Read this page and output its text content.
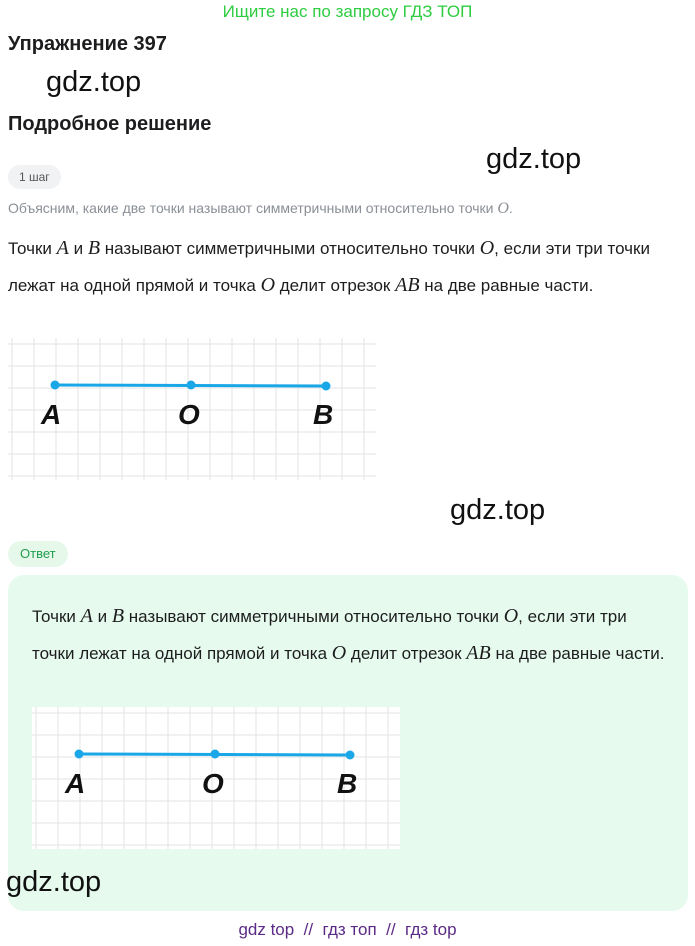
Ищите нас по запросу ГДЗ ТОП
Упражнение 397
gdz.top
Подробное решение
gdz.top
1 шаг
Объясним, какие две точки называют симметричными относительно точки O.
Точки A и B называют симметричными относительно точки O, если эти три точки лежат на одной прямой и точка O делит отрезок AB на две равные части.
A	O	B
gdz.top
Ответ
Точки A и B называют симметричными относительно точки O, если эти три точки лежат на одной прямой и точка O делит отрезок AB на две равные части.
A	O	B
gdz.top
gdz top  //  гдз топ  //  гдз top
